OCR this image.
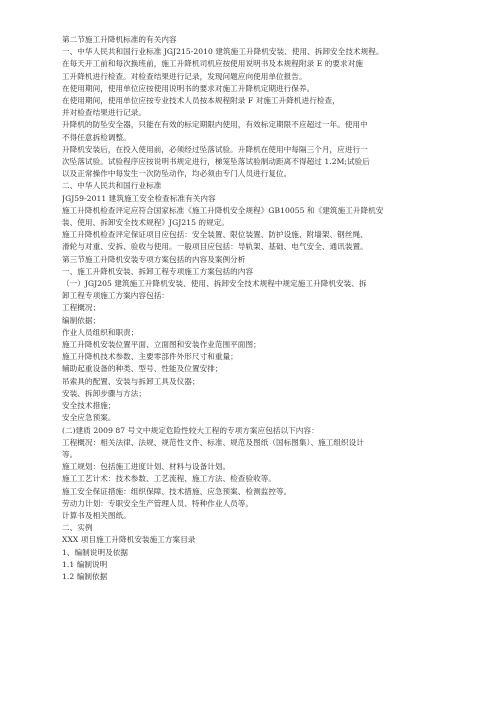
第二节施工升降机标准的有关内容
一、中华人民共和国行业标准 JGJ215-2010 建筑施工升降机安装、使用、拆卸安全技术规程。
在每天开工前和每次换班前，施工升降机司机应按使用说明书及本规程附录 E 的要求对施
工升降机进行检查。对检查结果进行记录，发现问题应向使用单位报告。
在使用期间，使用单位应按使用说明书的要求对施工升降机定期进行保养。
在使用期间，使用单位应按专业技术人员按本规程附录 F 对施工升降机进行检查，
并对检查结果进行记录。
升降机的防坠安全器，只能在有效的标定期限内使用，有效标定期限不应超过一年。使用中
不得任意拆检调整。
升降机安装后，在投入使用前，必须经过坠落试验。升降机在使用中每隔三个月，应进行一
次坠落试验。试验程序应按说明书规定进行，梯笼坠落试验制动距离不得超过 1.2M;试验后
以及正常操作中每发生一次防坠动作，均必须由专门人员进行复位。
二、中华人民共和国行业标准
JGJ59-2011 建筑施工安全检查标准有关内容
施工升降机检查评定应符合国家标准《施工升降机安全规程》GB10055 和《建筑施工升降机安
装、使用、拆卸安全技术规程》JGJ215 的规定。
施工升降机检查评定保证项目应包括：安全装置、限位装置、防护设施、附墙架、钢丝绳、
滑轮与对重、安拆、验收与使用。一般项目应包括：导轨架、基础、电气安全、通讯装置。
第三节施工升降机安装专项方案包括的内容及案例分析
一、施工升降机安装、拆卸工程专项施工方案包括的内容
（一）JGJ205 建筑施工升降机安装、使用、拆卸安全技术规程中规定施工升降机安装、拆
卸工程专项施工方案内容包括：
工程概况；
编制依据；
作业人员组织和职责；
施工升降机安装位置平面、立面图和安装作业范围平面图；
施工升降机技术参数、主要零部件外形尺寸和重量；
辅助起重设备的种类、型号、性能及位置安排；
吊索具的配置、安装与拆卸工具及仪器；
安装、拆卸步骤与方法；
安全技术措施；
安全应急预案。
(二)建质 2009 87 号文中规定危险性较大工程的专项方案应包括以下内容：
工程概况：相关法律、法规、规范性文件、标准、规范及图纸（国标图集）、施工组织设计
等。
施工规划：包括施工进度计划、材料与设备计划。
施工工艺计术：技术参数、工艺流程、施工方法、检查验收等。
施工安全保证措施：组织保障、技术措施、应急预案、检测监控等。
劳动力计划：专职安全生产管理人员、特种作业人员等。
计算书及相关图纸。
二、实例
XXX 项目施工升降机安装施工方案目录
1、编制说明及依据
1.1 编制说明
1.2 编制依据
